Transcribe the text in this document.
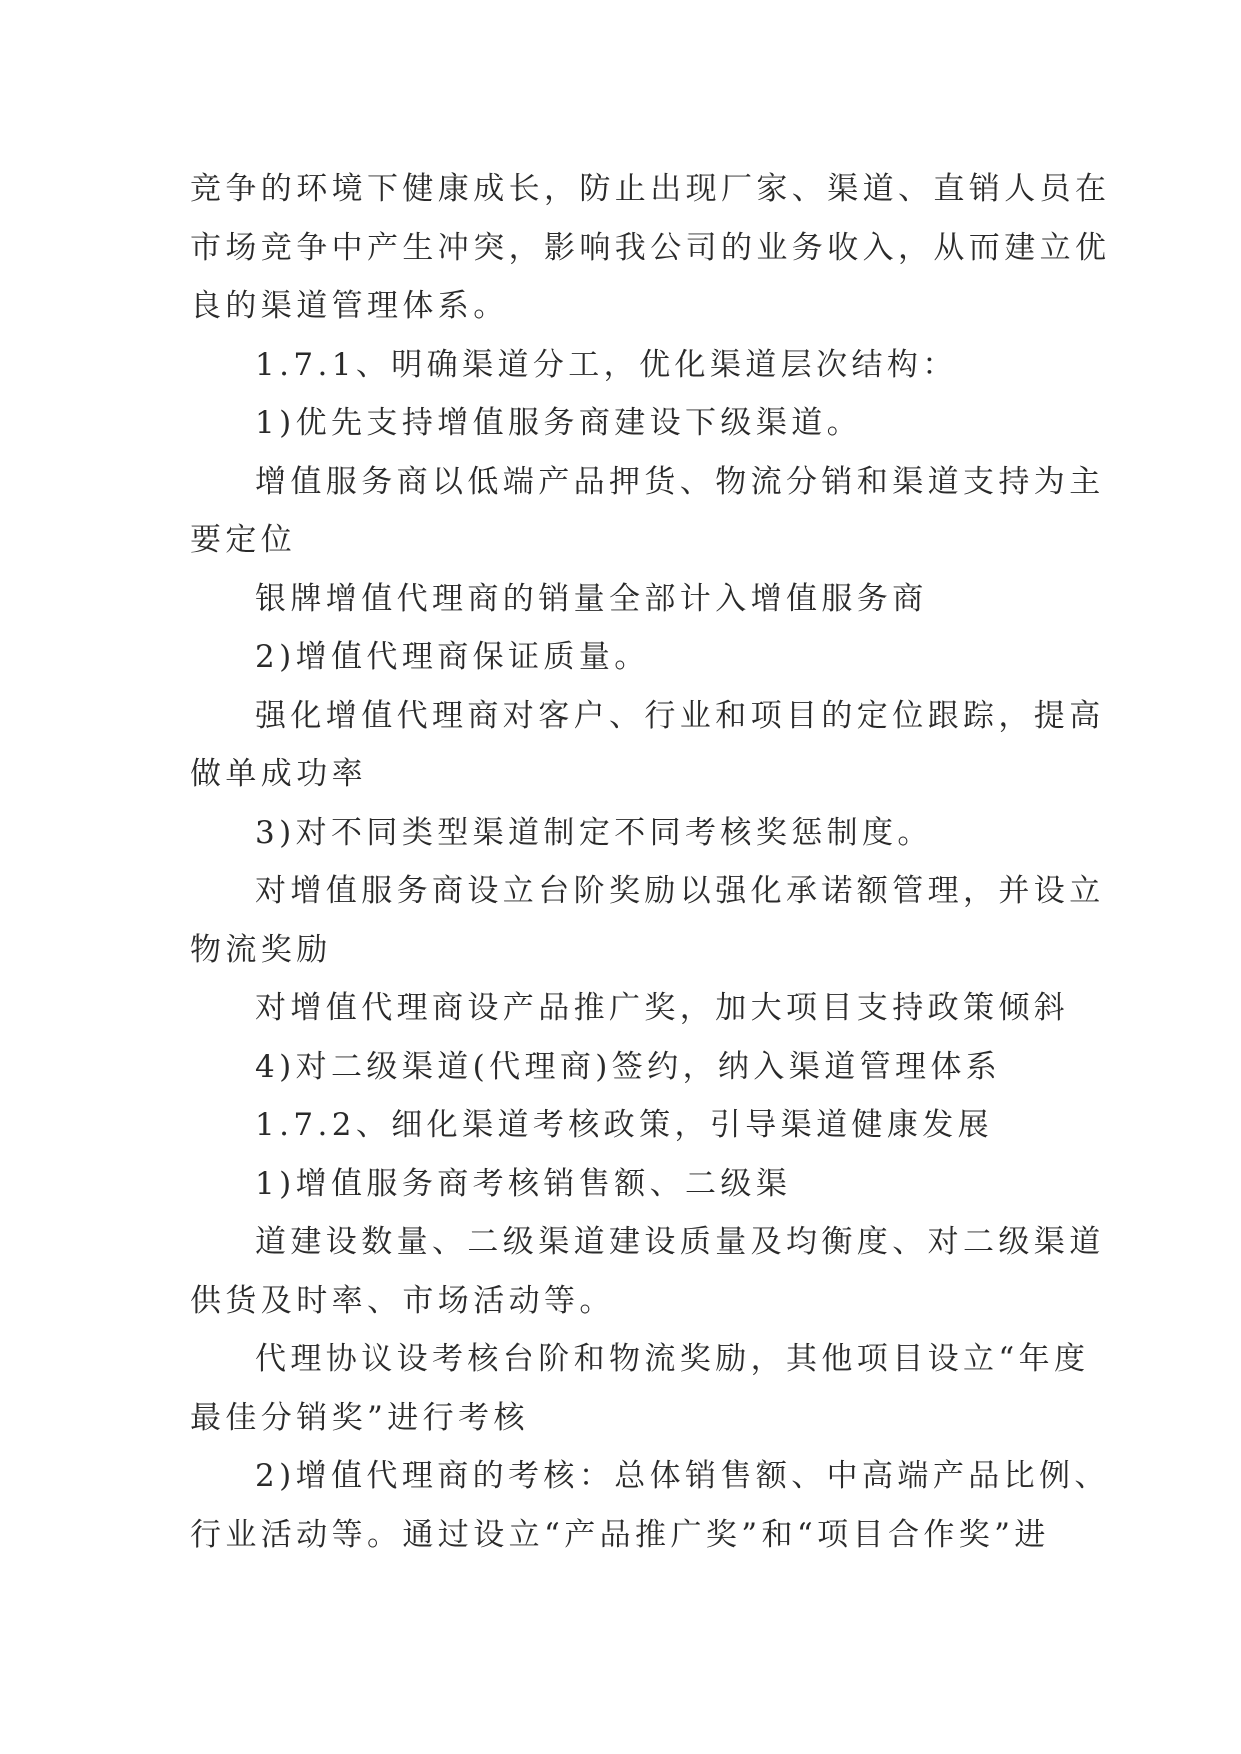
竞争的环境下健康成长，防止出现厂家、渠道、直销人员在
市场竞争中产生冲突，影响我公司的业务收入，从而建立优
良的渠道管理体系。
1.7.1、明确渠道分工，优化渠道层次结构：
1)优先支持增值服务商建设下级渠道。
增值服务商以低端产品押货、物流分销和渠道支持为主
要定位
银牌增值代理商的销量全部计入增值服务商
2)增值代理商保证质量。
强化增值代理商对客户、行业和项目的定位跟踪，提高
做单成功率
3)对不同类型渠道制定不同考核奖惩制度。
对增值服务商设立台阶奖励以强化承诺额管理，并设立
物流奖励
对增值代理商设产品推广奖，加大项目支持政策倾斜
4)对二级渠道(代理商)签约，纳入渠道管理体系
1.7.2、细化渠道考核政策，引导渠道健康发展
1)增值服务商考核销售额、二级渠
道建设数量、二级渠道建设质量及均衡度、对二级渠道
供货及时率、市场活动等。
代理协议设考核台阶和物流奖励，其他项目设立“年度
最佳分销奖”进行考核
2)增值代理商的考核：总体销售额、中高端产品比例、
行业活动等。通过设立“产品推广奖”和“项目合作奖”进
